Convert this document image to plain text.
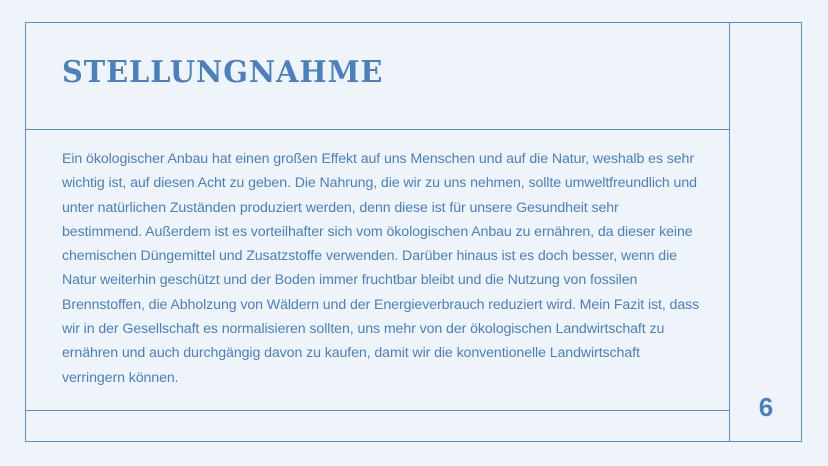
STELLUNGNAHME

Ein ökologischer Anbau hat einen großen Effekt auf uns Menschen und auf die Natur, weshalb es sehr wichtig ist, auf diesen Acht zu geben. Die Nahrung, die wir zu uns nehmen, sollte umweltfreundlich und unter natürlichen Zuständen produziert werden, denn diese ist für unsere Gesundheit sehr bestimmend. Außerdem ist es vorteilhafter sich vom ökologischen Anbau zu ernähren, da dieser keine chemischen Düngemittel und Zusatzstoffe verwenden. Darüber hinaus ist es doch besser, wenn die Natur weiterhin geschützt und der Boden immer fruchtbar bleibt und die Nutzung von fossilen Brennstoffen, die Abholzung von Wäldern und der Energieverbrauch reduziert wird. Mein Fazit ist, dass wir in der Gesellschaft es normalisieren sollten, uns mehr von der ökologischen Landwirtschaft zu ernähren und auch durchgängig davon zu kaufen, damit wir die konventionelle Landwirtschaft verringern können.

6
